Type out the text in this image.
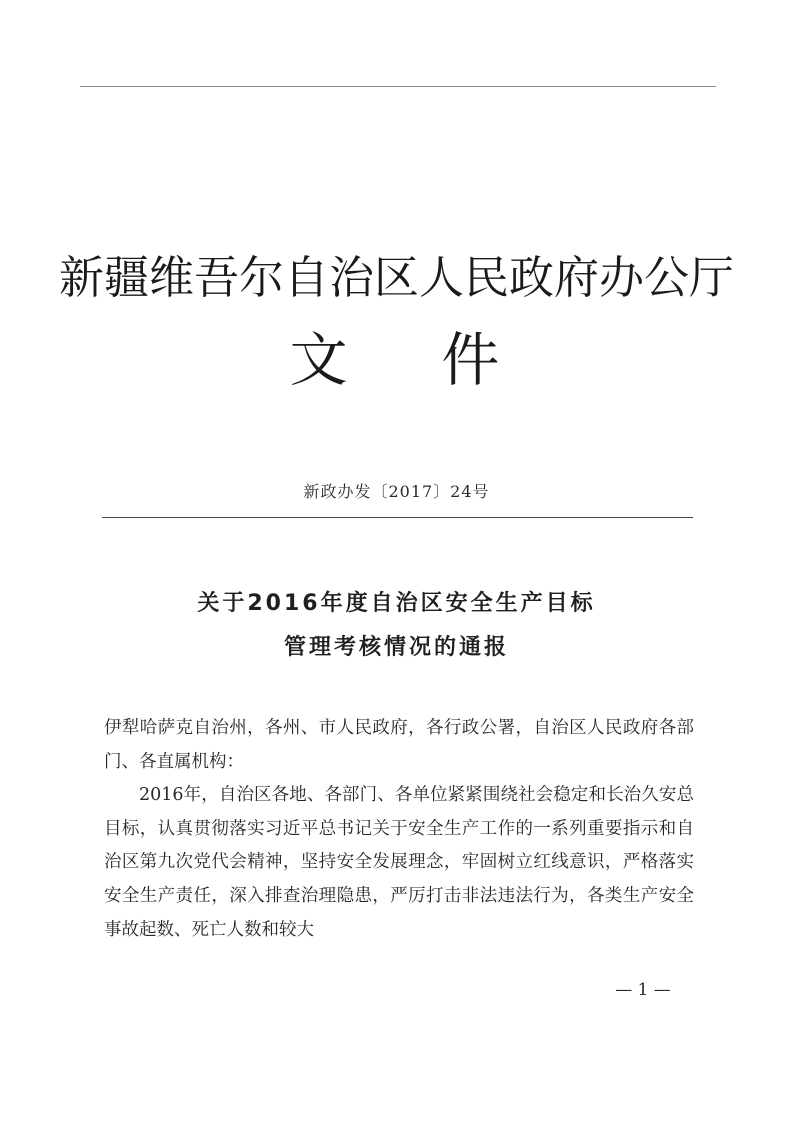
新疆维吾尔自治区人民政府办公厅
文    件
新政办发〔2017〕24号
关于2016年度自治区安全生产目标
管理考核情况的通报

伊犁哈萨克自治州，各州、市人民政府，各行政公署，自治区人民政府各部门、各直属机构：

2016年，自治区各地、各部门、各单位紧紧围绕社会稳定和长治久安总目标，认真贯彻落实习近平总书记关于安全生产工作的一系列重要指示和自治区第九次党代会精神，坚持安全发展理念，牢固树立红线意识，严格落实安全生产责任，深入排查治理隐患，严厉打击非法违法行为，各类生产安全事故起数、死亡人数和较大

— 1 —
